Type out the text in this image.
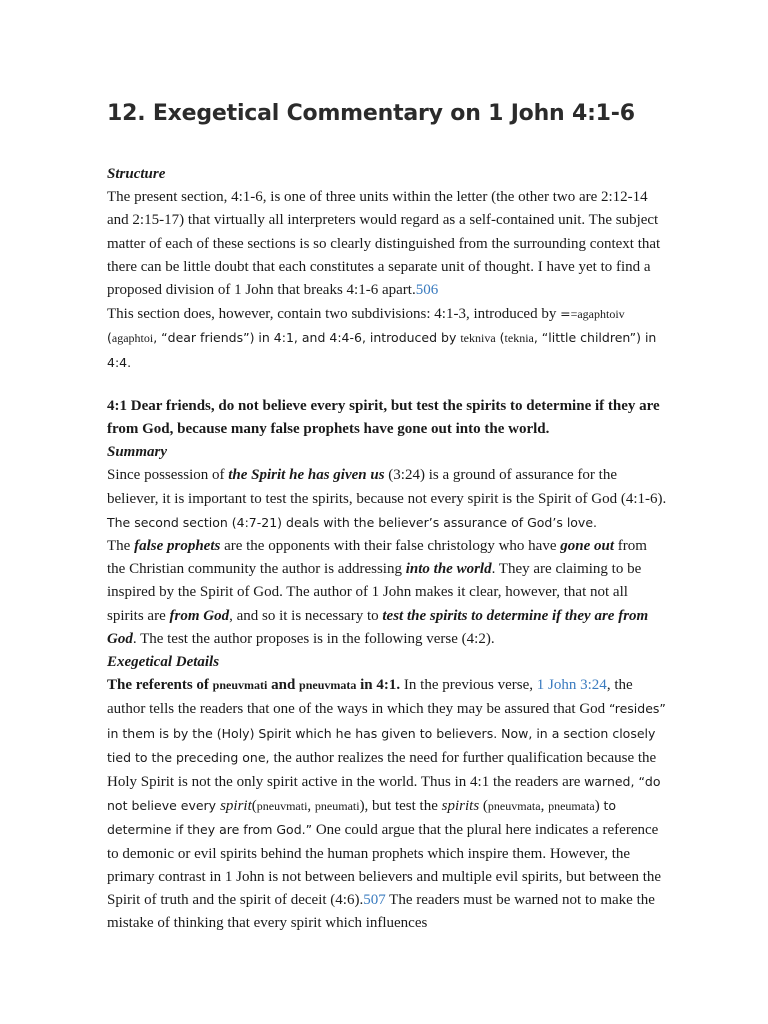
12. Exegetical Commentary on 1 John 4:1-6

Structure

The present section, 4:1-6, is one of three units within the letter (the other two are 2:12-14 and 2:15-17) that virtually all interpreters would regard as a self-contained unit. The subject matter of each of these sections is so clearly distinguished from the surrounding context that there can be little doubt that each constitutes a separate unit of thought. I have yet to find a proposed division of 1 John that breaks 4:1-6 apart.506

This section does, however, contain two subdivisions: 4:1-3, introduced by ==agaphtoiv (agaphtoi, “dear friends”) in 4:1, and 4:4-6, introduced by tekniva (teknia, “little children”) in 4:4.

4:1 Dear friends, do not believe every spirit, but test the spirits to determine if they are from God, because many false prophets have gone out into the world.

Summary

Since possession of the Spirit he has given us (3:24) is a ground of assurance for the believer, it is important to test the spirits, because not every spirit is the Spirit of God (4:1-6). The second section (4:7-21) deals with the believer’s assurance of God’s love.

The false prophets are the opponents with their false christology who have gone out from the Christian community the author is addressing into the world. They are claiming to be inspired by the Spirit of God. The author of 1 John makes it clear, however, that not all spirits are from God, and so it is necessary to test the spirits to determine if they are from God. The test the author proposes is in the following verse (4:2).

Exegetical Details

The referents of pneuvmati and pneuvmata in 4:1. In the previous verse, 1 John 3:24, the author tells the readers that one of the ways in which they may be assured that God “resides” in them is by the (Holy) Spirit which he has given to believers. Now, in a section closely tied to the preceding one, the author realizes the need for further qualification because the Holy Spirit is not the only spirit active in the world. Thus in 4:1 the readers are warned, “do not believe every spirit(pneuvmati, pneumati), but test the spirits (pneuvmata, pneumata) to determine if they are from God.” One could argue that the plural here indicates a reference to demonic or evil spirits behind the human prophets which inspire them. However, the primary contrast in 1 John is not between believers and multiple evil spirits, but between the Spirit of truth and the spirit of deceit (4:6).507 The readers must be warned not to make the mistake of thinking that every spirit which influences
